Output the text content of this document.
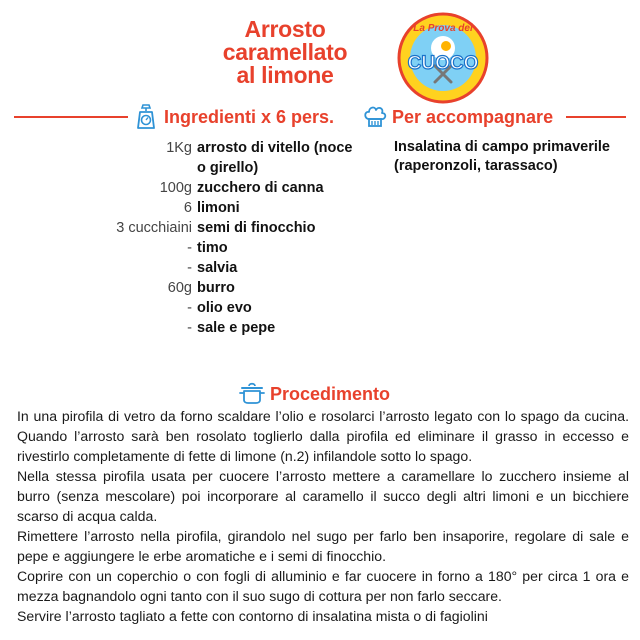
Arrosto
caramellato
al limone
La Prova del
CUOCO
Ingredienti x 6 pers.	Per accompagnare
1Kg arrosto di vitello (noce o girello)
100g zucchero di canna
6 limoni
3 cucchiaini semi di finocchio
- timo
- salvia
60g burro
- olio evo
- sale e pepe
Insalatina di campo primaverile (raperonzoli, tarassaco)
Procedimento

In una pirofila di vetro da forno scaldare l’olio e rosolarci l’arrosto legato con lo spago da cucina. Quando l’arrosto sarà ben rosolato toglierlo dalla pirofila ed eliminare il grasso in eccesso e rivestirlo completamente di fette di limone (n.2) infilandole sotto lo spago.

Nella stessa pirofila usata per cuocere l’arrosto mettere a caramellare lo zucchero insieme al burro (senza mescolare) poi incorporare al caramello il succo degli altri limoni e un bicchiere scarso di acqua calda.

Rimettere l’arrosto nella pirofila, girandolo nel sugo per farlo ben insaporire, regolare di sale e pepe e aggiungere le erbe aromatiche e i semi di finocchio.

Coprire con un coperchio o con fogli di alluminio e far cuocere in forno a 180° per circa 1 ora e mezza bagnandolo ogni tanto con il suo sugo di cottura per non farlo seccare.

Servire l’arrosto tagliato a fette con contorno di insalatina mista o di fagiolini
